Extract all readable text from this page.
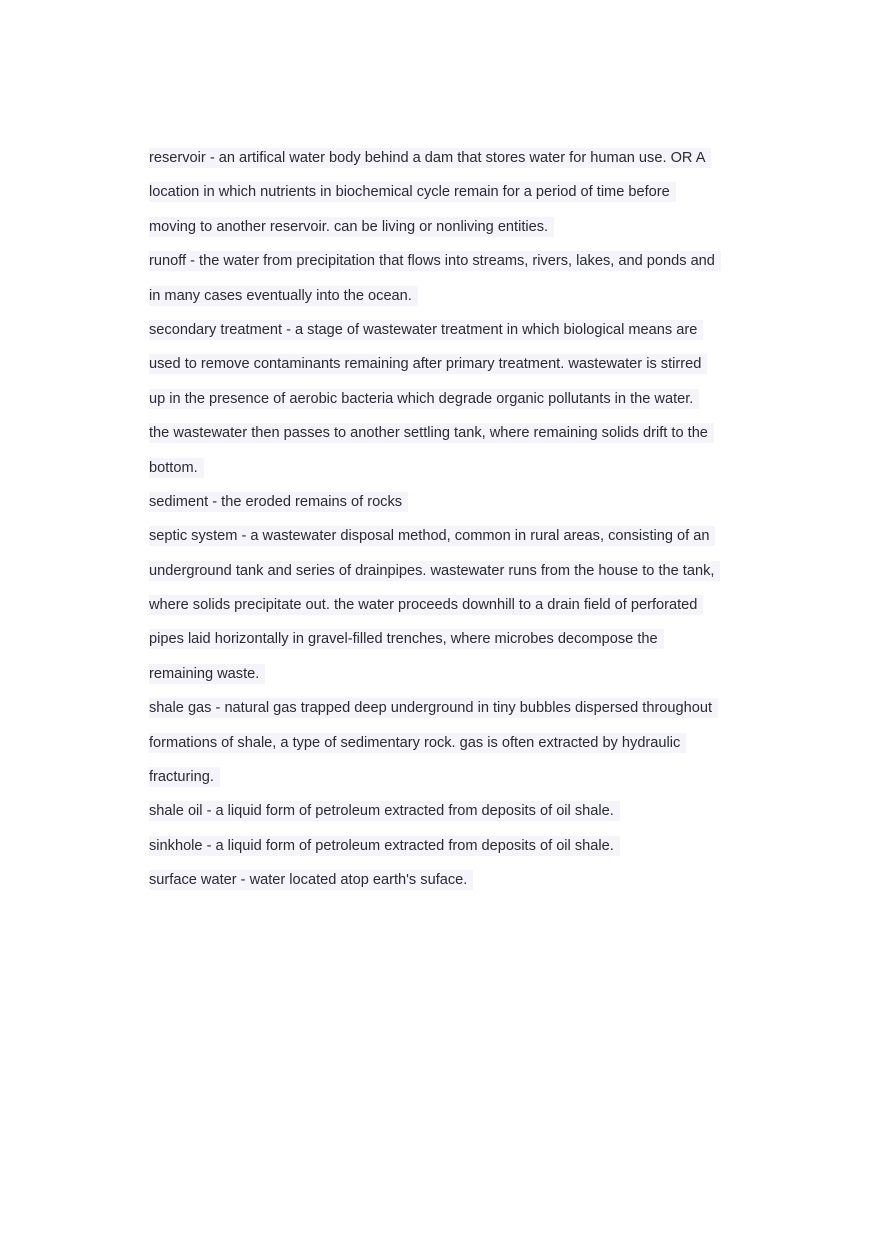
reservoir - an artifical water body behind a dam that stores water for human use. OR A
location in which nutrients in biochemical cycle remain for a period of time before
moving to another reservoir. can be living or nonliving entities.
runoff - the water from precipitation that flows into streams, rivers, lakes, and ponds and
in many cases eventually into the ocean.
secondary treatment - a stage of wastewater treatment in which biological means are
used to remove contaminants remaining after primary treatment. wastewater is stirred
up in the presence of aerobic bacteria which degrade organic pollutants in the water.
the wastewater then passes to another settling tank, where remaining solids drift to the
bottom.
sediment - the eroded remains of rocks
septic system - a wastewater disposal method, common in rural areas, consisting of an
underground tank and series of drainpipes. wastewater runs from the house to the tank,
where solids precipitate out. the water proceeds downhill to a drain field of perforated
pipes laid horizontally in gravel-filled trenches, where microbes decompose the
remaining waste.
shale gas - natural gas trapped deep underground in tiny bubbles dispersed throughout
formations of shale, a type of sedimentary rock. gas is often extracted by hydraulic
fracturing.
shale oil - a liquid form of petroleum extracted from deposits of oil shale.
sinkhole - a liquid form of petroleum extracted from deposits of oil shale.
surface water - water located atop earth's suface.
